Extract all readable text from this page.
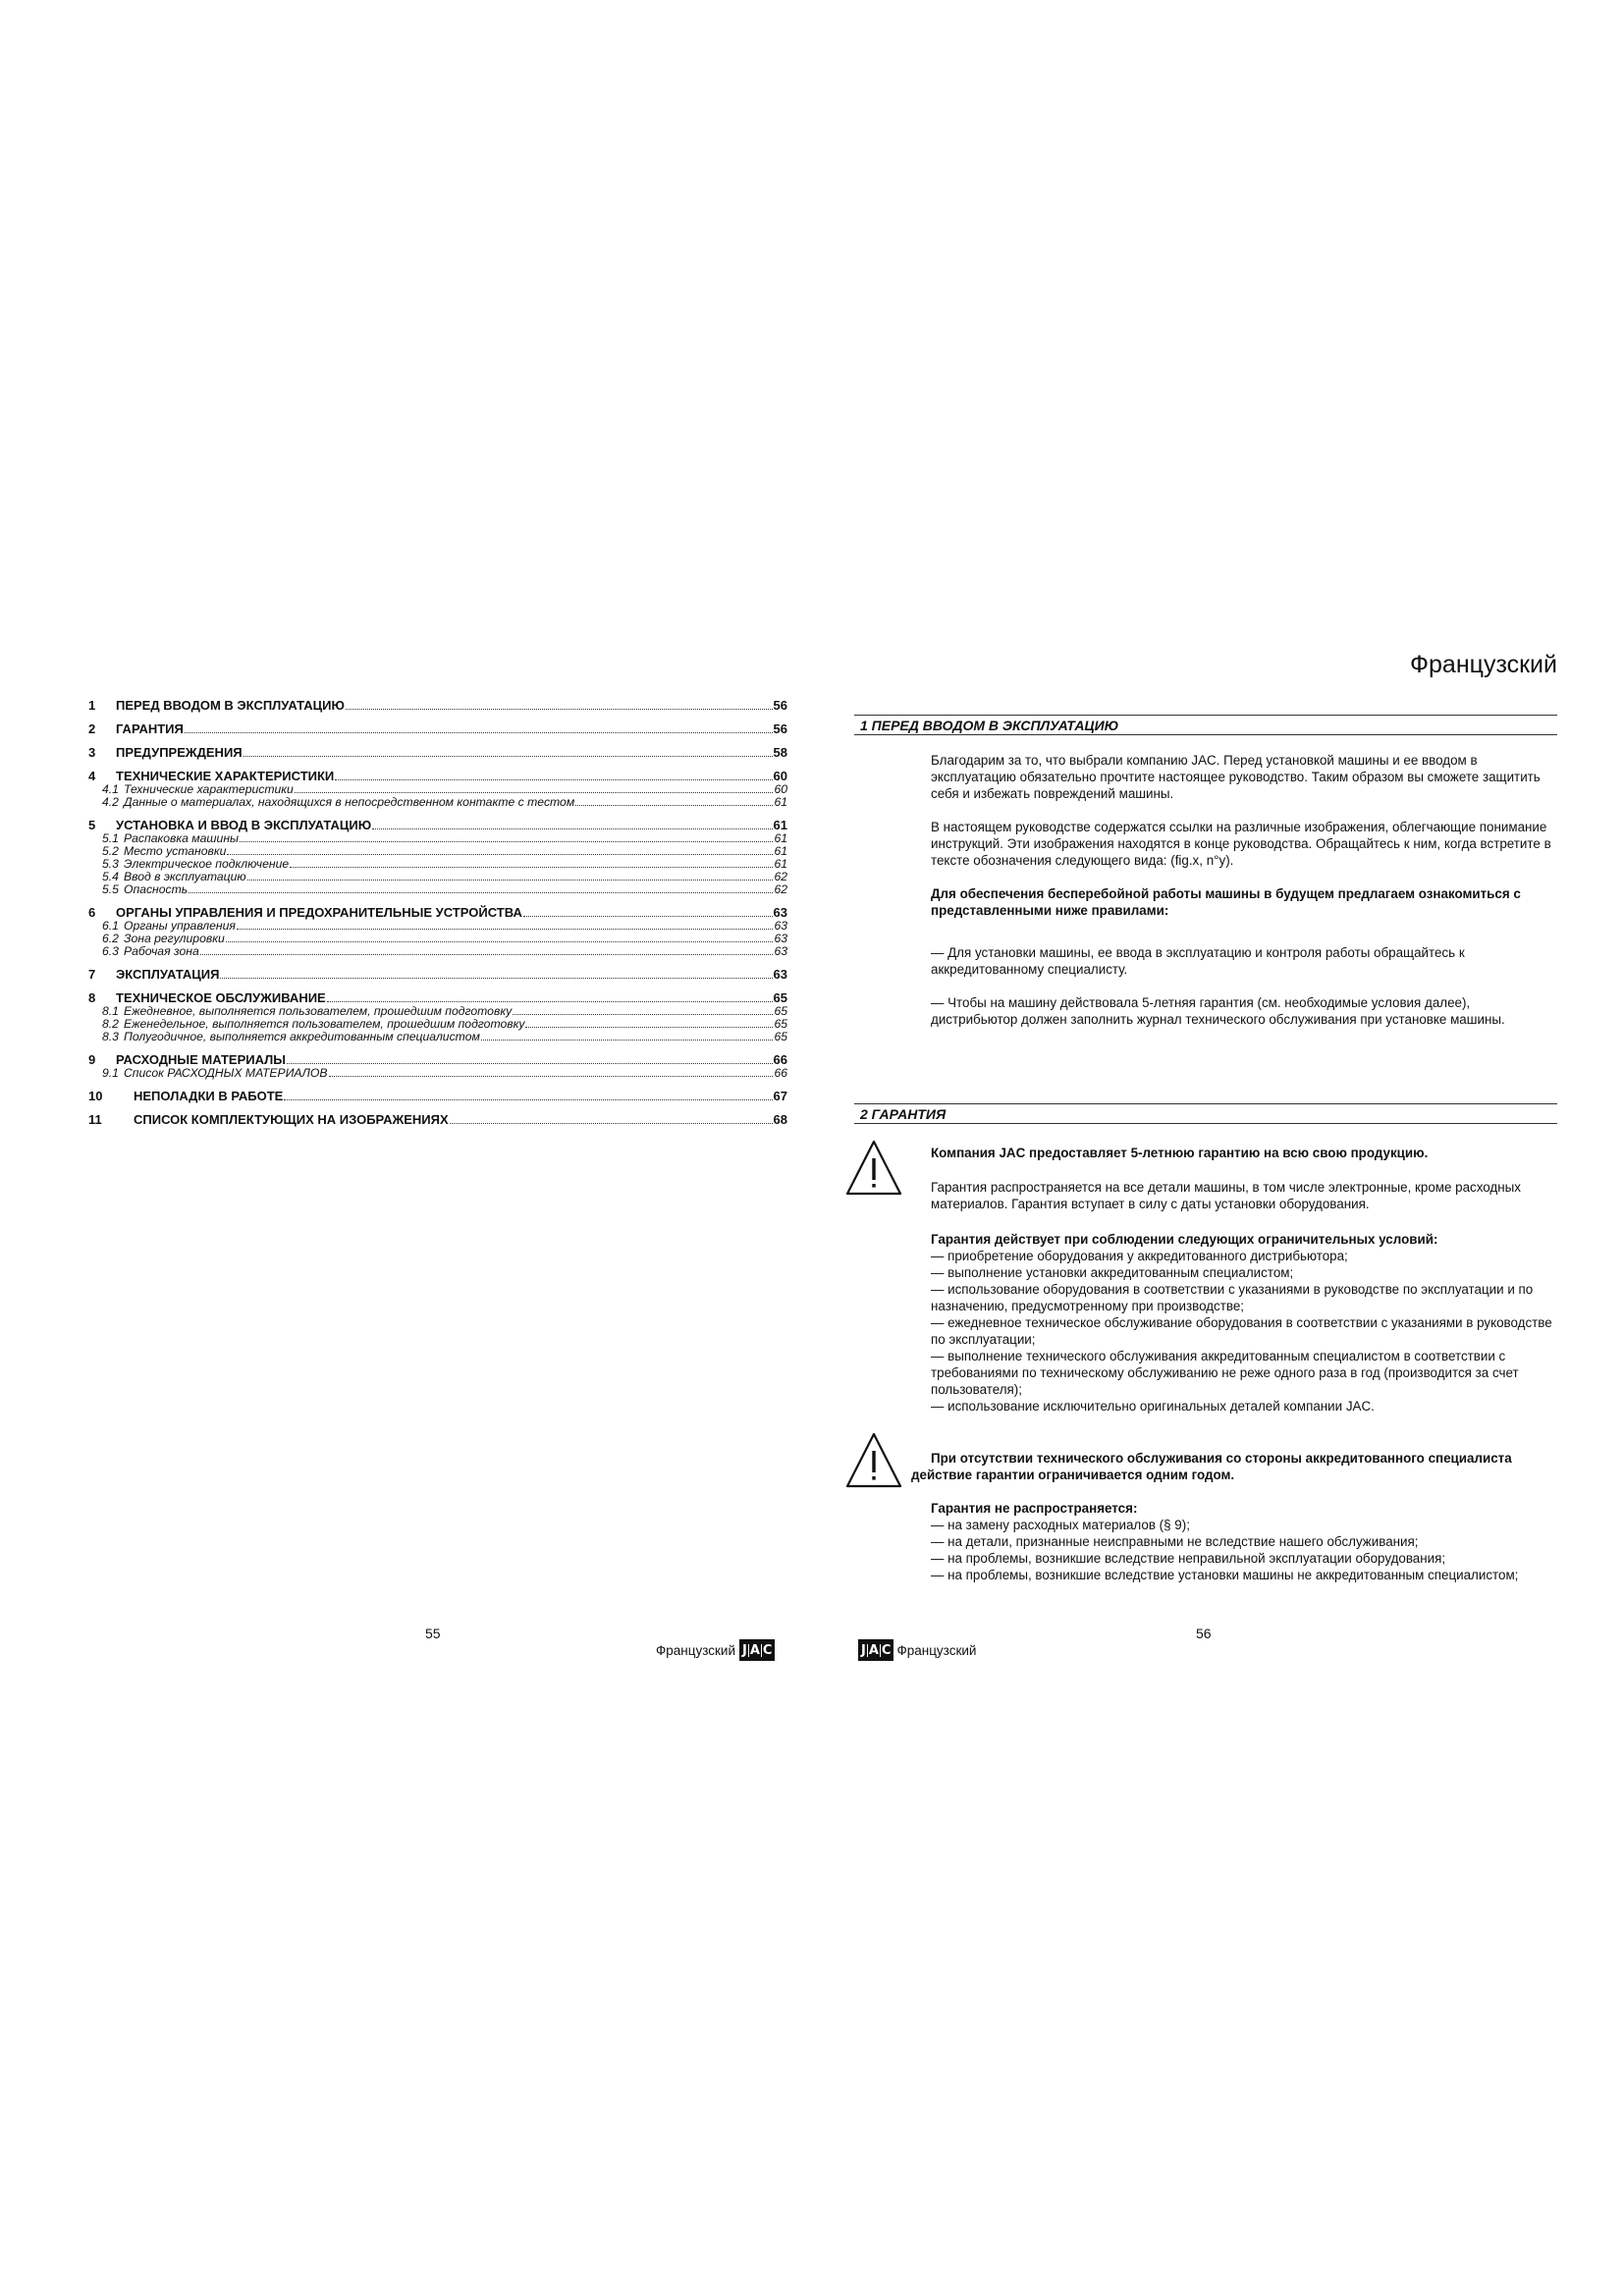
1	ПЕРЕД ВВОДОМ В ЭКСПЛУАТАЦИЮ	56
2	ГАРАНТИЯ	56
3	ПРЕДУПРЕЖДЕНИЯ	58
4	ТЕХНИЧЕСКИЕ ХАРАКТЕРИСТИКИ	60
4.1 Технические характеристики	60
4.2 Данные о материалах, находящихся в непосредственном контакте с тестом	61
5	УСТАНОВКА И ВВОД В ЭКСПЛУАТАЦИЮ	61
5.1 Распаковка машины	61
5.2 Место установки	61
5.3 Электрическое подключение	61
5.4 Ввод в эксплуатацию	62
5.5 Опасность	62
6	ОРГАНЫ УПРАВЛЕНИЯ И ПРЕДОХРАНИТЕЛЬНЫЕ УСТРОЙСТВА	63
6.1 Органы управления	63
6.2 Зона регулировки	63
6.3 Рабочая зона	63
7	ЭКСПЛУАТАЦИЯ	63
8	ТЕХНИЧЕСКОЕ ОБСЛУЖИВАНИЕ	65
8.1 Ежедневное, выполняется пользователем, прошедшим подготовку	65
8.2 Еженедельное, выполняется пользователем, прошедшим подготовку	65
8.3 Полугодичное, выполняется аккредитованным специалистом	65
9	РАСХОДНЫЕ МАТЕРИАЛЫ	66
9.1 Список РАСХОДНЫХ МАТЕРИАЛОВ	66
10	НЕПОЛАДКИ В РАБОТЕ	67
11	СПИСОК КОМПЛЕКТУЮЩИХ НА ИЗОБРАЖЕНИЯХ	68
55
Французский J A C
Французский
1 ПЕРЕД ВВОДОМ В ЭКСПЛУАТАЦИЮ

Благодарим за то, что выбрали компанию JAC. Перед установкой машины и ее вводом в эксплуатацию обязательно прочтите настоящее руководство. Таким образом вы сможете защитить себя и избежать повреждений машины.

В настоящем руководстве содержатся ссылки на различные изображения, облегчающие понимание инструкций. Эти изображения находятся в конце руководства. Обращайтесь к ним, когда встретите в тексте обозначения следующего вида: (fig.x, n°y).

Для обеспечения бесперебойной работы машины в будущем предлагаем ознакомиться с представленными ниже правилами:

— Для установки машины, ее ввода в эксплуатацию и контроля работы обращайтесь к аккредитованному специалисту.

— Чтобы на машину действовала 5-летняя гарантия (см. необходимые условия далее), дистрибьютор должен заполнить журнал технического обслуживания при установке машины.

2 ГАРАНТИЯ
Компания JAC предоставляет 5-летнюю гарантию на всю свою продукцию.
Гарантия распространяется на все детали машины, в том числе электронные, кроме расходных материалов. Гарантия вступает в силу с даты установки оборудования.
Гарантия действует при соблюдении следующих ограничительных условий:
— приобретение оборудования у аккредитованного дистрибьютора;
— выполнение установки аккредитованным специалистом;
— использование оборудования в соответствии с указаниями в руководстве по эксплуатации и по назначению, предусмотренному при производстве;
— ежедневное техническое обслуживание оборудования в соответствии с указаниями в руководстве по эксплуатации;
— выполнение технического обслуживания аккредитованным специалистом в соответствии с требованиями по техническому обслуживанию не реже одного раза в год (производится за счет пользователя);
— использование исключительно оригинальных деталей компании JAC.
При отсутствии технического обслуживания со стороны аккредитованного специалиста действие гарантии ограничивается одним годом.
Гарантия не распространяется:
— на замену расходных материалов (§ 9);
— на детали, признанные неисправными не вследствие нашего обслуживания;
— на проблемы, возникшие вследствие неправильной эксплуатации оборудования;
— на проблемы, возникшие вследствие установки машины не аккредитованным специалистом;
56
J A C Французский
